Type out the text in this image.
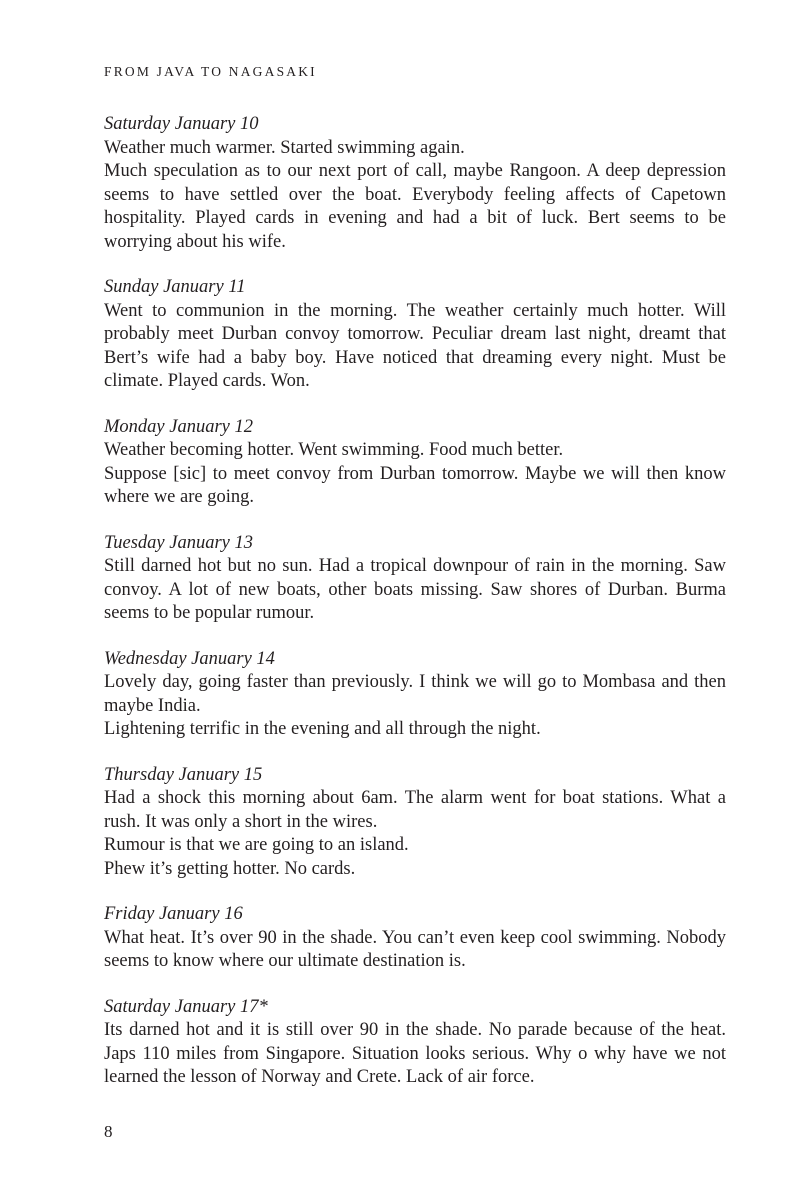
FROM JAVA TO NAGASAKI

Saturday January 10

Weather much warmer. Started swimming again.

Much speculation as to our next port of call, maybe Rangoon. A deep depression seems to have settled over the boat. Everybody feeling affects of Capetown hospitality. Played cards in evening and had a bit of luck. Bert seems to be worrying about his wife.

Sunday January 11

Went to communion in the morning. The weather certainly much hotter. Will probably meet Durban convoy tomorrow. Peculiar dream last night, dreamt that Bert’s wife had a baby boy. Have noticed that dreaming every night. Must be climate. Played cards. Won.

Monday January 12

Weather becoming hotter. Went swimming. Food much better.

Suppose [sic] to meet convoy from Durban tomorrow. Maybe we will then know where we are going.

Tuesday January 13

Still darned hot but no sun. Had a tropical downpour of rain in the morning. Saw convoy. A lot of new boats, other boats missing. Saw shores of Durban. Burma seems to be popular rumour.

Wednesday January 14

Lovely day, going faster than previously. I think we will go to Mombasa and then maybe India.

Lightening terrific in the evening and all through the night.

Thursday January 15

Had a shock this morning about 6am. The alarm went for boat stations. What a rush. It was only a short in the wires.

Rumour is that we are going to an island.

Phew it’s getting hotter. No cards.

Friday January 16

What heat. It’s over 90 in the shade. You can’t even keep cool swimming. Nobody seems to know where our ultimate destination is.

Saturday January 17*

Its darned hot and it is still over 90 in the shade. No parade because of the heat. Japs 110 miles from Singapore. Situation looks serious. Why o why have we not learned the lesson of Norway and Crete. Lack of air force.

8
